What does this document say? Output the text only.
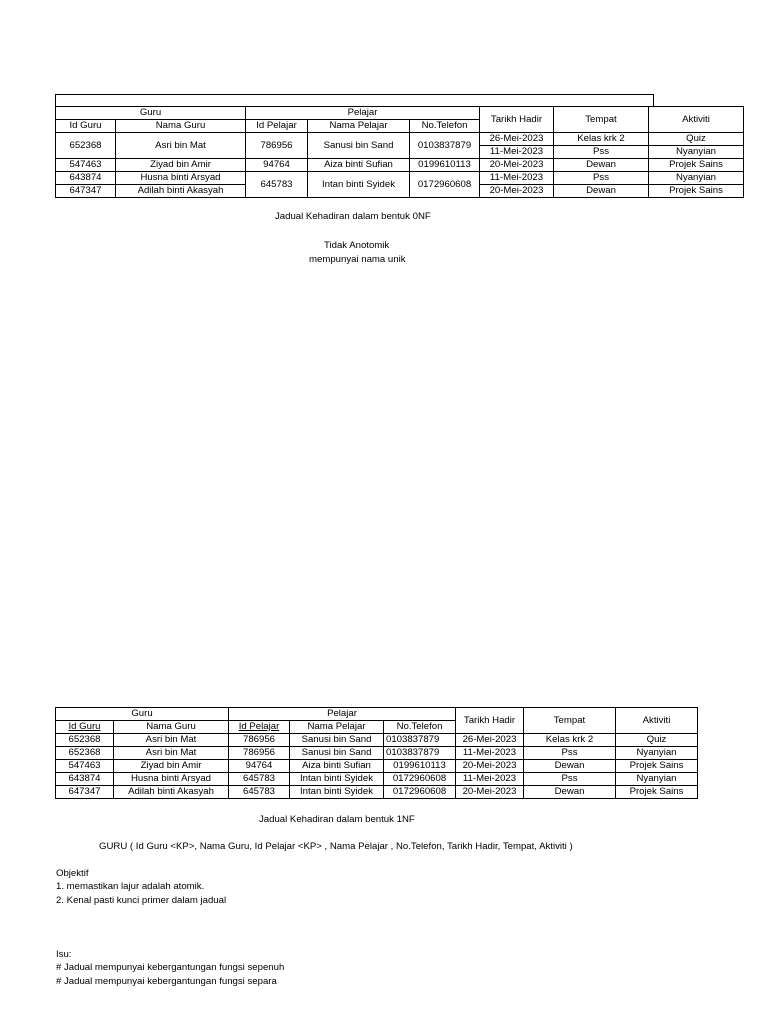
Guru		Pelajar			Tarikh Hadir	Tempat	Aktiviti
Id Guru	Nama Guru	Id Pelajar	Nama Pelajar	No.Telefon			
652368	Asri bin Mat	786956	Sanusi bin Sand	0103837879	26-Mei-2023	Kelas krk 2	Quiz
					11-Mei-2023	Pss	Nyanyian
547463	Ziyad bin Amir	94764	Aiza binti Sufian	0199610113	20-Mei-2023	Dewan	Projek Sains
643874	Husna binti Arsyad	645783	Intan binti Syidek	0172960608	11-Mei-2023	Pss	Nyanyian
647347	Adilah binti Akasyah				20-Mei-2023	Dewan	Projek Sains
Jadual Kehadiran dalam bentuk 0NF
Tidak Anotomik
mempunyai nama unik
Guru		Pelajar			Tarikh Hadir	Tempat	Aktiviti
Id Guru	Nama Guru	Id Pelajar	Nama Pelajar	No.Telefon			
652368	Asri bin Mat	786956	Sanusi bin Sand	0103837879	26-Mei-2023	Kelas krk 2	Quiz
652368	Asri bin Mat	786956	Sanusi bin Sand	0103837879	11-Mei-2023	Pss	Nyanyian
547463	Ziyad bin Amir	94764	Aiza binti Sufian	0199610113	20-Mei-2023	Dewan	Projek Sains
643874	Husna binti Arsyad	645783	Intan binti Syidek	0172960608	11-Mei-2023	Pss	Nyanyian
647347	Adilah binti Akasyah	645783	Intan binti Syidek	0172960608	20-Mei-2023	Dewan	Projek Sains
Jadual Kehadiran dalam bentuk 1NF
GURU ( Id Guru <KP>, Nama Guru, Id Pelajar <KP> , Nama Pelajar , No.Telefon, Tarikh Hadir, Tempat, Aktiviti )
Objektif
1. memastikan lajur adalah atomik.
2. Kenal pasti kunci primer dalam jadual
Isu:
# Jadual mempunyai kebergantungan fungsi sepenuh
# Jadual mempunyai kebergantungan fungsi separa
